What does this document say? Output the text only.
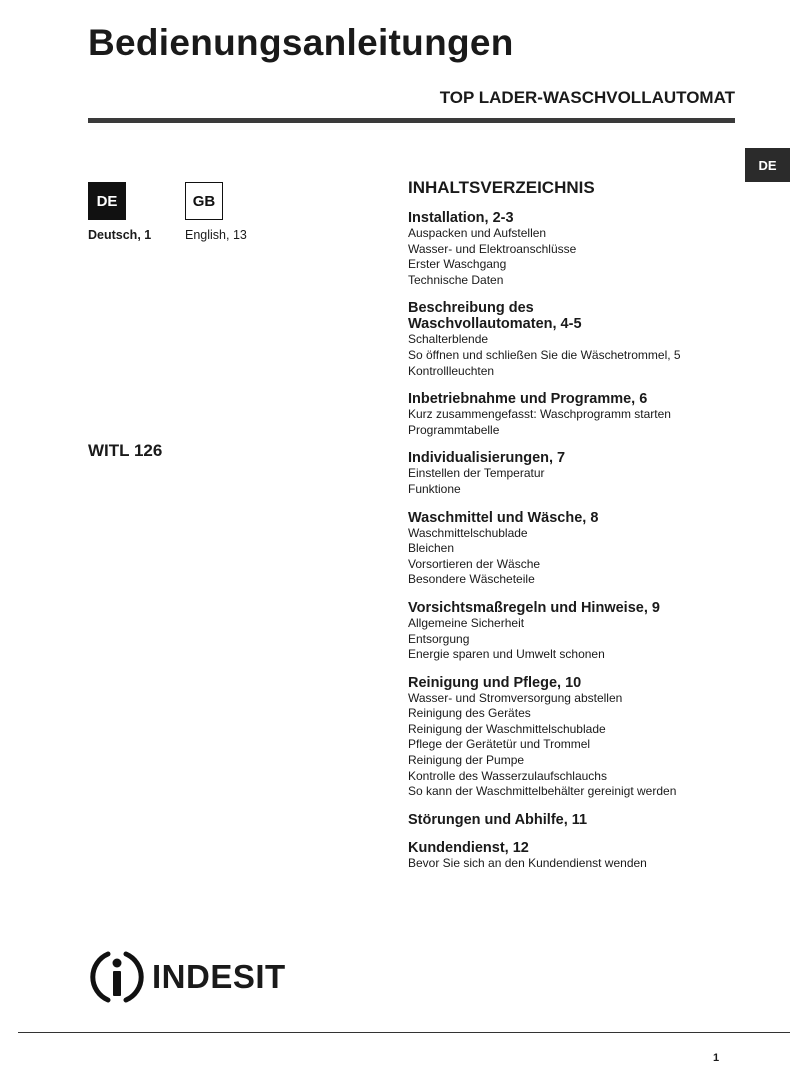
Bedienungsanleitungen
TOP LADER-WASCHVOLLAUTOMAT
DE
DE	GB
Deutsch, 1	English, 13
WITL 126
INHALTSVERZEICHNIS
Installation, 2-3
Auspacken und Aufstellen
Wasser- und Elektroanschlüsse
Erster Waschgang
Technische Daten
Beschreibung des
Waschvollautomaten, 4-5
Schalterblende
So öffnen und schließen Sie die Wäschetrommel, 5
Kontrollleuchten
Inbetriebnahme und Programme, 6
Kurz zusammengefasst: Waschprogramm starten
Programmtabelle
Individualisierungen, 7
Einstellen der Temperatur
Funktione
Waschmittel und Wäsche, 8
Waschmittelschublade
Bleichen
Vorsortieren der Wäsche
Besondere Wäscheteile
Vorsichtsmaßregeln und Hinweise, 9
Allgemeine Sicherheit
Entsorgung
Energie sparen und Umwelt schonen
Reinigung und Pflege, 10
Wasser- und Stromversorgung abstellen
Reinigung des Gerätes
Reinigung der Waschmittelschublade
Pflege der Gerätetür und Trommel
Reinigung der Pumpe
Kontrolle des Wasserzulaufschlauchs
So kann der Waschmittelbehälter gereinigt werden
Störungen und Abhilfe, 11
Kundendienst, 12
Bevor Sie sich an den Kundendienst wenden
INDESIT
1
